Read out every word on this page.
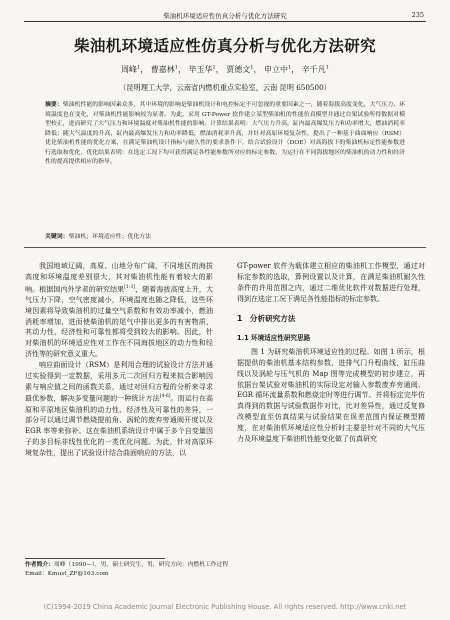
柴油机环境适应性仿真分析与优化方法研究	235
柴油机环境适应性仿真分析与优化方法研究
周峰$^1$， 曹嘉林$^1$， 毕玉华$^1$， 贾德文$^1$， 申立中$^1$， 辛千凡$^1$
（昆明理工大学，云南省内燃机重点实验室，云南 昆明 650500）
摘要：柴油机性能的影响因素众多，其中环境的影响是柴油机设计和电控标定不可忽视的重要因素之一，随着海拔高度变化，大气压力、环境温度也在变化，对柴油机性能影响较为显著。为此，采用 GT-Power 软件建立某型柴油机的性能仿真模型并通过台架试验所得数据对模型校正，进而研究了大气压力和环境温度对柴油机性能的影响。计算结果表明：大气压力升高，缸内最高爆发压力和功率增大，燃油消耗率降低；随大气温度的升高，缸内最高爆发压力和功率降低，燃油消耗率升高，并针对高原环境复杂性，提出了一种基于曲面响应（RSM）优化柴油机性能的优化方案，在满足柴油机设计指标与耐久性的要求条件下，结合试验设计（DOE）对高海拔下的柴油机标定性能参数进行选取和优化，优化结果表明：在选定工况下均可获得满足各性能参数所对应的标定参数，为运行在不同海拔地区的柴油机的动力性和经济性的提高提供相应的指导。
关键词：柴油机；环境适应性；优化方法

我国地域辽阔，高原、山地分布广阔，不同地区的海拔高度和环境温度差别很大，其对柴油机性能有着较大的影响。根据国内外学者的研究结果[1-3]，随着海拔高度上升，大气压力下降，空气密度减小，环境温度也随之降低，这些环境因素将导致柴油机的过量空气系数和有效功率减小，燃油消耗率增加，进而使柴油机的尾气中排出更多的有害物质，其动力性、经济性和可靠性都将受到较大的影响。因此，针对柴油机的环境适应性对工作在不同海拔地区的动力性和经济性等的研究意义重大。

响应曲面设计（RSM）是利用合理的试验设计方法并通过实验得到一定数据，采用多元二次回归方程来拟合影响因素与响应值之间的函数关系，通过对回归方程的分析来寻求最优参数，解决多变量问题的一种统计方法[4-6]。而运行在高原和平原地区柴油机的动力性、经济性及可靠性的差异，一部分可以通过调节燃烧提前角、涡轮的废弃旁通阀开度以及 EGR 率等来弥补。这在柴油机系统设计中属于多个自变量因子的多目标非线性优化的一类优化问题。为此，针对高原环境复杂性，提出了试验设计结合曲面响应的方法，以

GT-power 软件为载体建立相应的柴油机工作模型，通过对标定参数的选取，算例设置以及计算，在满足柴油机耐久性条件的许用范围之内，通过二维优化软件对数据进行处理，得到在选定工况下满足各性能指标的标定参数。

1　分析研究方法
1.1 环境适应性研究思路

图 1 为研究柴油机环境适应性的过程。如图 1 所示，根据提供的柴油机基本结构参数，进排气门升程曲线，缸压曲线以及涡轮与压气机的 Map 图等完成模型的初步建立，再依据台架试验对柴油机的实际设定对输入参数废弃旁通阀、EGR 循环流量系数和燃烧定时等进行调节。并将标定完毕仿真得到的数据与试验数据作对比，比对差异性，通过反复修改模型直至仿真结果与试验结果在误差范围内保证模型精度，在对柴油机环境适应性分析时主要是针对不同的大气压力及环境温度下柴油机性能变化做了仿真研究

作者简介：周峰（1990—），男，硕士研究生，男，研究方向：内燃机工作过程
Email：Kmust_ZF@163.com
(C)1994-2019 China Academic Journal Electronic Publishing House. All rights reserved. http://www.cnki.net
